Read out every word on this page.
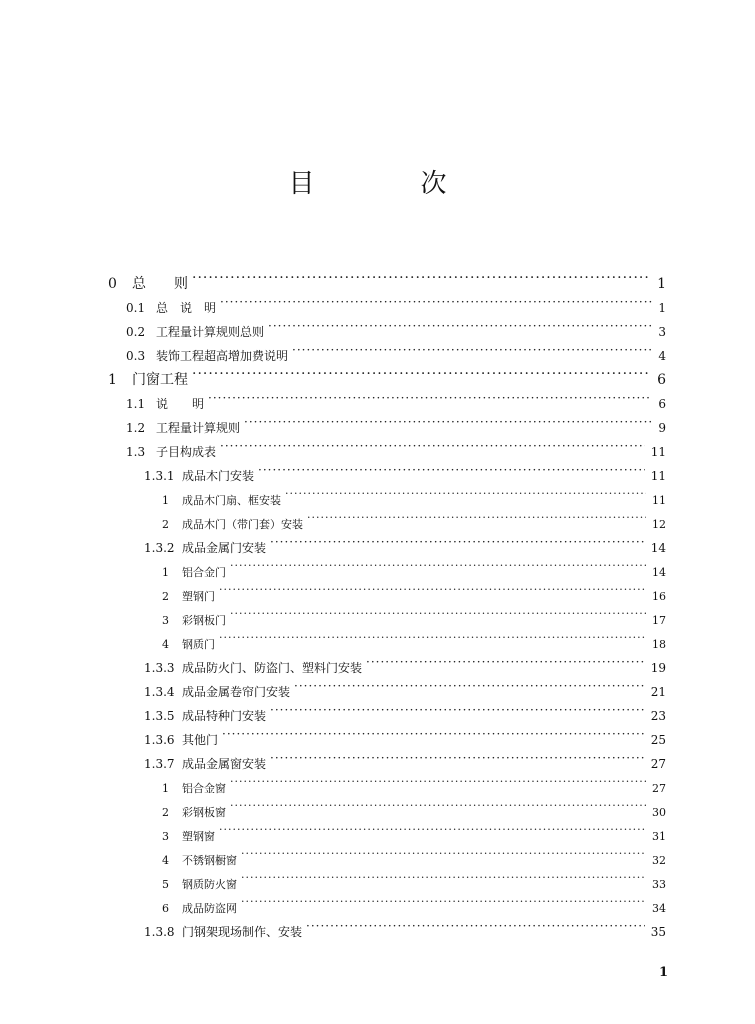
目　次
0	总　　则 ·····	1
0.1 总　说　明 ·····	1
0.2 工程量计算规则总则 ·····	3
0.3 装饰工程超高增加费说明 ·····	4
1	门窗工程 ·····	6
1.1 说　　明 ·····	6
1.2 工程量计算规则 ·····	9
1.3 子目构成表 ·····	11
1.3.1 成品木门安装 ·····	11
1	成品木门扇、框安装 ·····	11
2	成品木门（带门套）安装 ·····	12
1.3.2 成品金属门安装 ·····	14
1	铝合金门 ·····	14
2	塑钢门 ·····	16
3	彩钢板门 ·····	17
4	钢质门 ·····	18
1.3.3 成品防火门、防盗门、塑料门安装 ·····	19
1.3.4 成品金属卷帘门安装 ·····	21
1.3.5 成品特种门安装 ·····	23
1.3.6 其他门 ·····	25
1.3.7 成品金属窗安装 ·····	27
1	铝合金窗 ·····	27
2	彩钢板窗 ·····	30
3	塑钢窗 ·····	31
4	不锈钢橱窗 ·····	32
5	钢质防火窗 ·····	33
6	成品防盗网 ·····	34
1.3.8 门钢架现场制作、安装 ·····	35
1
